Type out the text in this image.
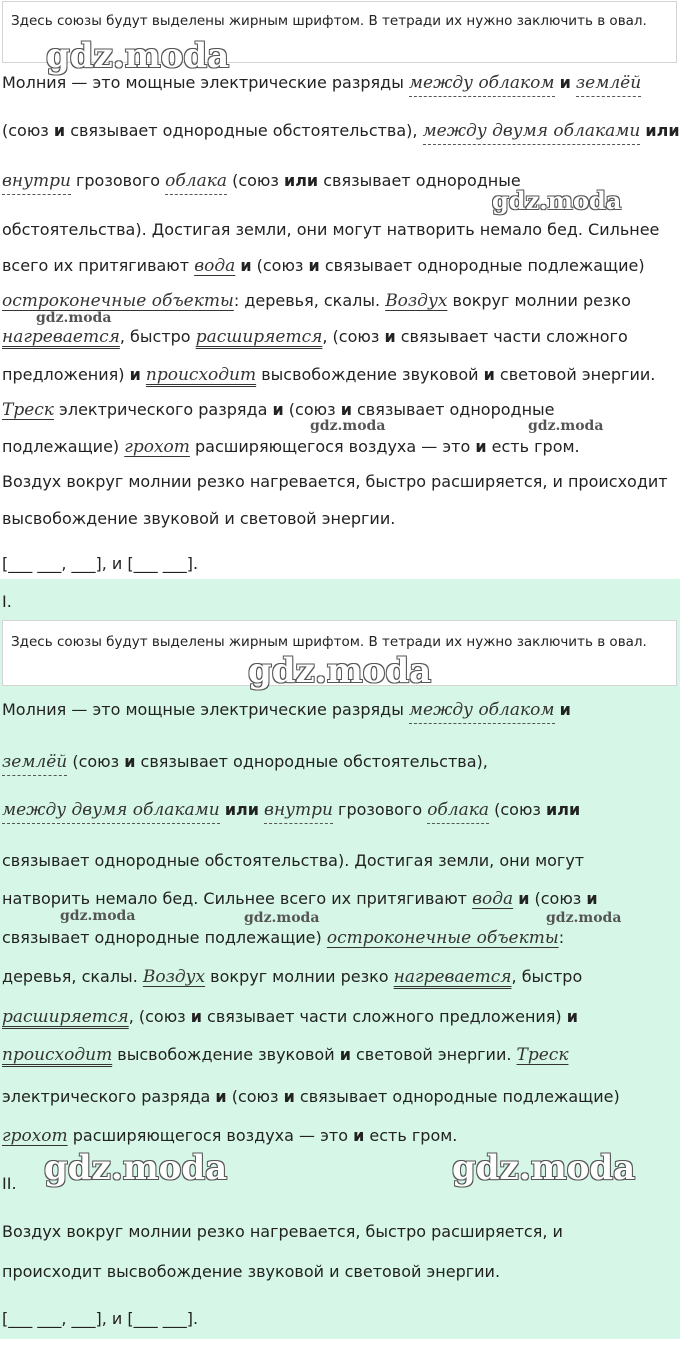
Здесь союзы будут выделены жирным шрифтом. В тетради их нужно заключить в овал.
Молния — это мощные электрические разряды между облаком и землёй
(союз и связывает однородные обстоятельства), между двумя облаками или
внутри грозового облака (союз или связывает однородные
обстоятельства). Достигая земли, они могут натворить немало бед. Сильнее
всего их притягивают вода и (союз и связывает однородные подлежащие)
остроконечные объекты: деревья, скалы. Воздух вокруг молнии резко
нагревается, быстро расширяется, (союз и связывает части сложного
предложения) и происходит высвобождение звуковой и световой энергии.
Треск электрического разряда и (союз и связывает однородные
подлежащие) грохот расширяющегося воздуха — это и есть гром.
Воздух вокруг молнии резко нагревается, быстро расширяется, и происходит
высвобождение звуковой и световой энергии.
[___ ___, ___], и [___ ___].
I.
Здесь союзы будут выделены жирным шрифтом. В тетради их нужно заключить в овал.
Молния — это мощные электрические разряды между облаком и
землёй (союз и связывает однородные обстоятельства),
между двумя облаками или внутри грозового облака (союз или
связывает однородные обстоятельства). Достигая земли, они могут
натворить немало бед. Сильнее всего их притягивают вода и (союз и
связывает однородные подлежащие) остроконечные объекты:
деревья, скалы. Воздух вокруг молнии резко нагревается, быстро
расширяется, (союз и связывает части сложного предложения) и
происходит высвобождение звуковой и световой энергии. Треск
электрического разряда и (союз и связывает однородные подлежащие)
грохот расширяющегося воздуха — это и есть гром.
II.
Воздух вокруг молнии резко нагревается, быстро расширяется, и
происходит высвобождение звуковой и световой энергии.
[___ ___, ___], и [___ ___].
gdz.moda
gdz.moda
gdz.moda
gdz.moda	gdz.moda
gdz.moda
gdz.moda	gdz.moda	gdz.moda
gdz.moda	gdz.moda
